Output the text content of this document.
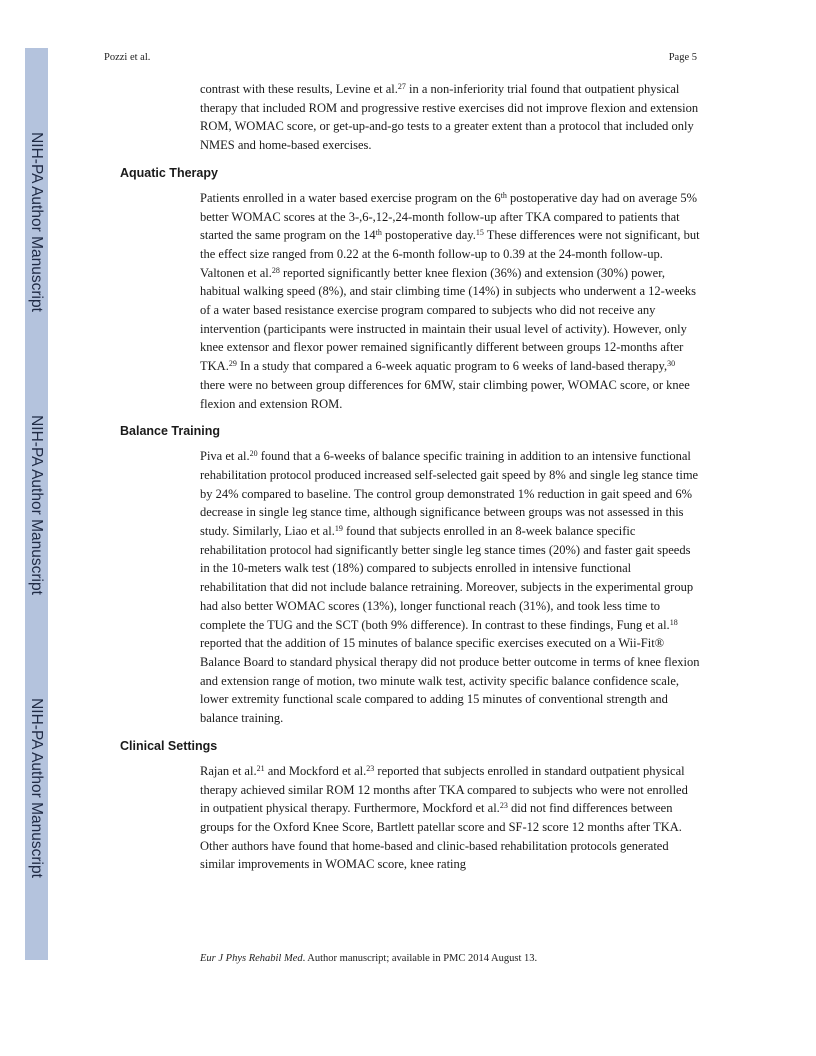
NIH-PA Author Manuscript
NIH-PA Author Manuscript
NIH-PA Author Manuscript
Pozzi et al.	Page 5

contrast with these results, Levine et al.$^{27}$ in a non-inferiority trial found that outpatient physical therapy that included ROM and progressive restive exercises did not improve flexion and extension ROM, WOMAC score, or get-up-and-go tests to a greater extent than a protocol that included only NMES and home-based exercises.

Aquatic Therapy

Patients enrolled in a water based exercise program on the 6th postoperative day had on average 5% better WOMAC scores at the 3-,6-,12-,24-month follow-up after TKA compared to patients that started the same program on the 14th postoperative day.$^{15}$ These differences were not significant, but the effect size ranged from 0.22 at the 6-month follow-up to 0.39 at the 24-month follow-up. Valtonen et al.$^{28}$ reported significantly better knee flexion (36%) and extension (30%) power, habitual walking speed (8%), and stair climbing time (14%) in subjects who underwent a 12-weeks of a water based resistance exercise program compared to subjects who did not receive any intervention (participants were instructed in maintain their usual level of activity). However, only knee extensor and flexor power remained significantly different between groups 12-months after TKA.$^{29}$ In a study that compared a 6-week aquatic program to 6 weeks of land-based therapy,$^{30}$ there were no between group differences for 6MW, stair climbing power, WOMAC score, or knee flexion and extension ROM.

Balance Training

Piva et al.$^{20}$ found that a 6-weeks of balance specific training in addition to an intensive functional rehabilitation protocol produced increased self-selected gait speed by 8% and single leg stance time by 24% compared to baseline. The control group demonstrated 1% reduction in gait speed and 6% decrease in single leg stance time, although significance between groups was not assessed in this study. Similarly, Liao et al.$^{19}$ found that subjects enrolled in an 8-week balance specific rehabilitation protocol had significantly better single leg stance times (20%) and faster gait speeds in the 10-meters walk test (18%) compared to subjects enrolled in intensive functional rehabilitation that did not include balance retraining. Moreover, subjects in the experimental group had also better WOMAC scores (13%), longer functional reach (31%), and took less time to complete the TUG and the SCT (both 9% difference). In contrast to these findings, Fung et al.$^{18}$ reported that the addition of 15 minutes of balance specific exercises executed on a Wii-Fit® Balance Board to standard physical therapy did not produce better outcome in terms of knee flexion and extension range of motion, two minute walk test, activity specific balance confidence scale, lower extremity functional scale compared to adding 15 minutes of conventional strength and balance training.

Clinical Settings

Rajan et al.$^{21}$ and Mockford et al.$^{23}$ reported that subjects enrolled in standard outpatient physical therapy achieved similar ROM 12 months after TKA compared to subjects who were not enrolled in outpatient physical therapy. Furthermore, Mockford et al.$^{23}$ did not find differences between groups for the Oxford Knee Score, Bartlett patellar score and SF-12 score 12 months after TKA. Other authors have found that home-based and clinic-based rehabilitation protocols generated similar improvements in WOMAC score, knee rating

Eur J Phys Rehabil Med. Author manuscript; available in PMC 2014 August 13.
